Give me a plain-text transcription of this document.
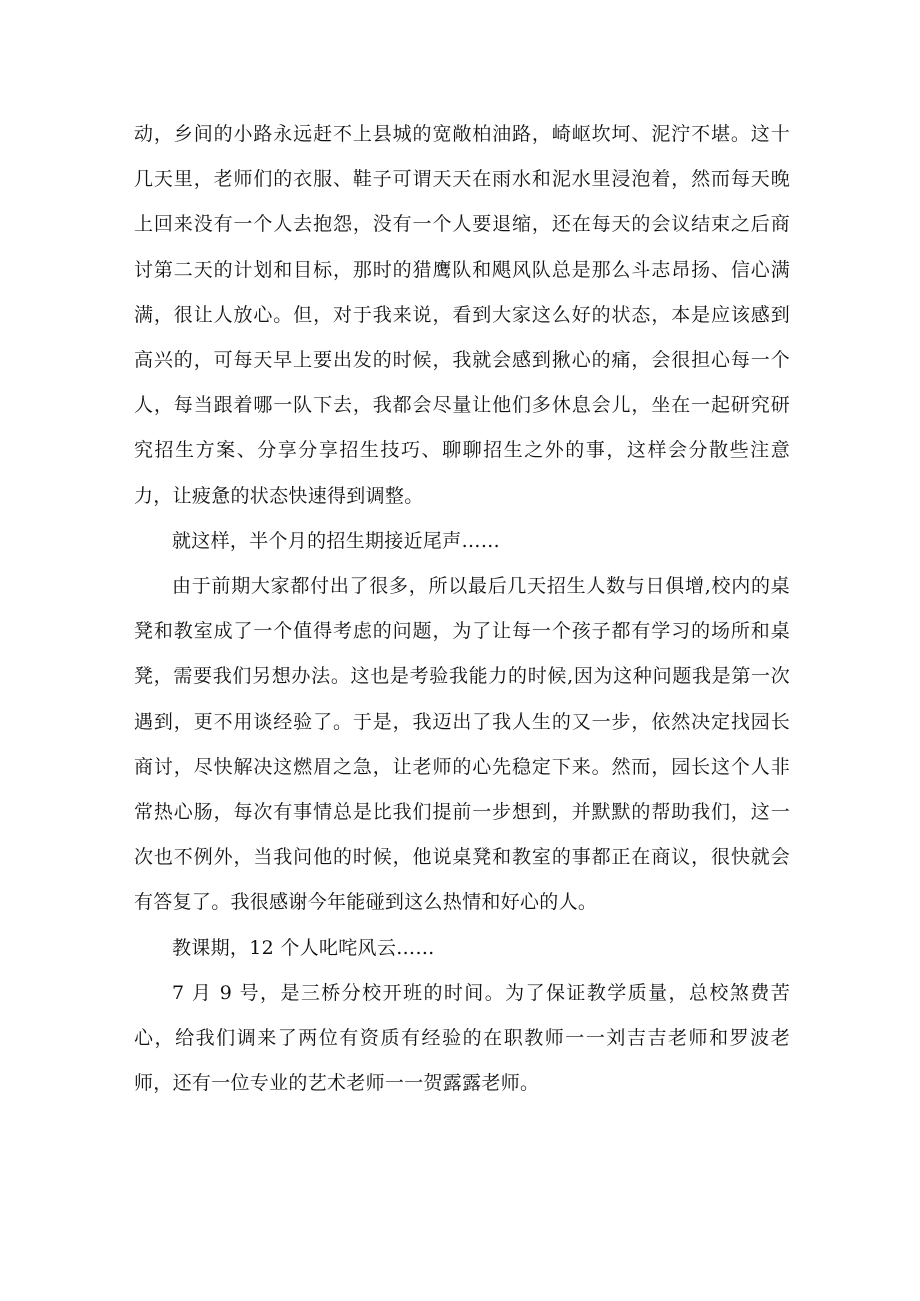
动，乡间的小路永远赶不上县城的宽敞柏油路，崎岖坎坷、泥泞不堪。这十几天里，老师们的衣服、鞋子可谓天天在雨水和泥水里浸泡着，然而每天晚上回来没有一个人去抱怨，没有一个人要退缩，还在每天的会议结束之后商讨第二天的计划和目标，那时的猎鹰队和飓风队总是那么斗志昂扬、信心满满，很让人放心。但，对于我来说，看到大家这么好的状态，本是应该感到高兴的，可每天早上要出发的时候，我就会感到揪心的痛，会很担心每一个人，每当跟着哪一队下去，我都会尽量让他们多休息会儿，坐在一起研究研究招生方案、分享分享招生技巧、聊聊招生之外的事，这样会分散些注意力，让疲惫的状态快速得到调整。

就这样，半个月的招生期接近尾声……

由于前期大家都付出了很多，所以最后几天招生人数与日俱增,校内的桌凳和教室成了一个值得考虑的问题，为了让每一个孩子都有学习的场所和桌凳，需要我们另想办法。这也是考验我能力的时候,因为这种问题我是第一次遇到，更不用谈经验了。于是，我迈出了我人生的又一步，依然决定找园长商讨，尽快解决这燃眉之急，让老师的心先稳定下来。然而，园长这个人非常热心肠，每次有事情总是比我们提前一步想到，并默默的帮助我们，这一次也不例外，当我问他的时候，他说桌凳和教室的事都正在商议，很快就会有答复了。我很感谢今年能碰到这么热情和好心的人。

教课期，12 个人叱咤风云……

7 月 9 号，是三桥分校开班的时间。为了保证教学质量，总校煞费苦心，给我们调来了两位有资质有经验的在职教师一一刘吉吉老师和罗波老师，还有一位专业的艺术老师一一贺露露老师。
